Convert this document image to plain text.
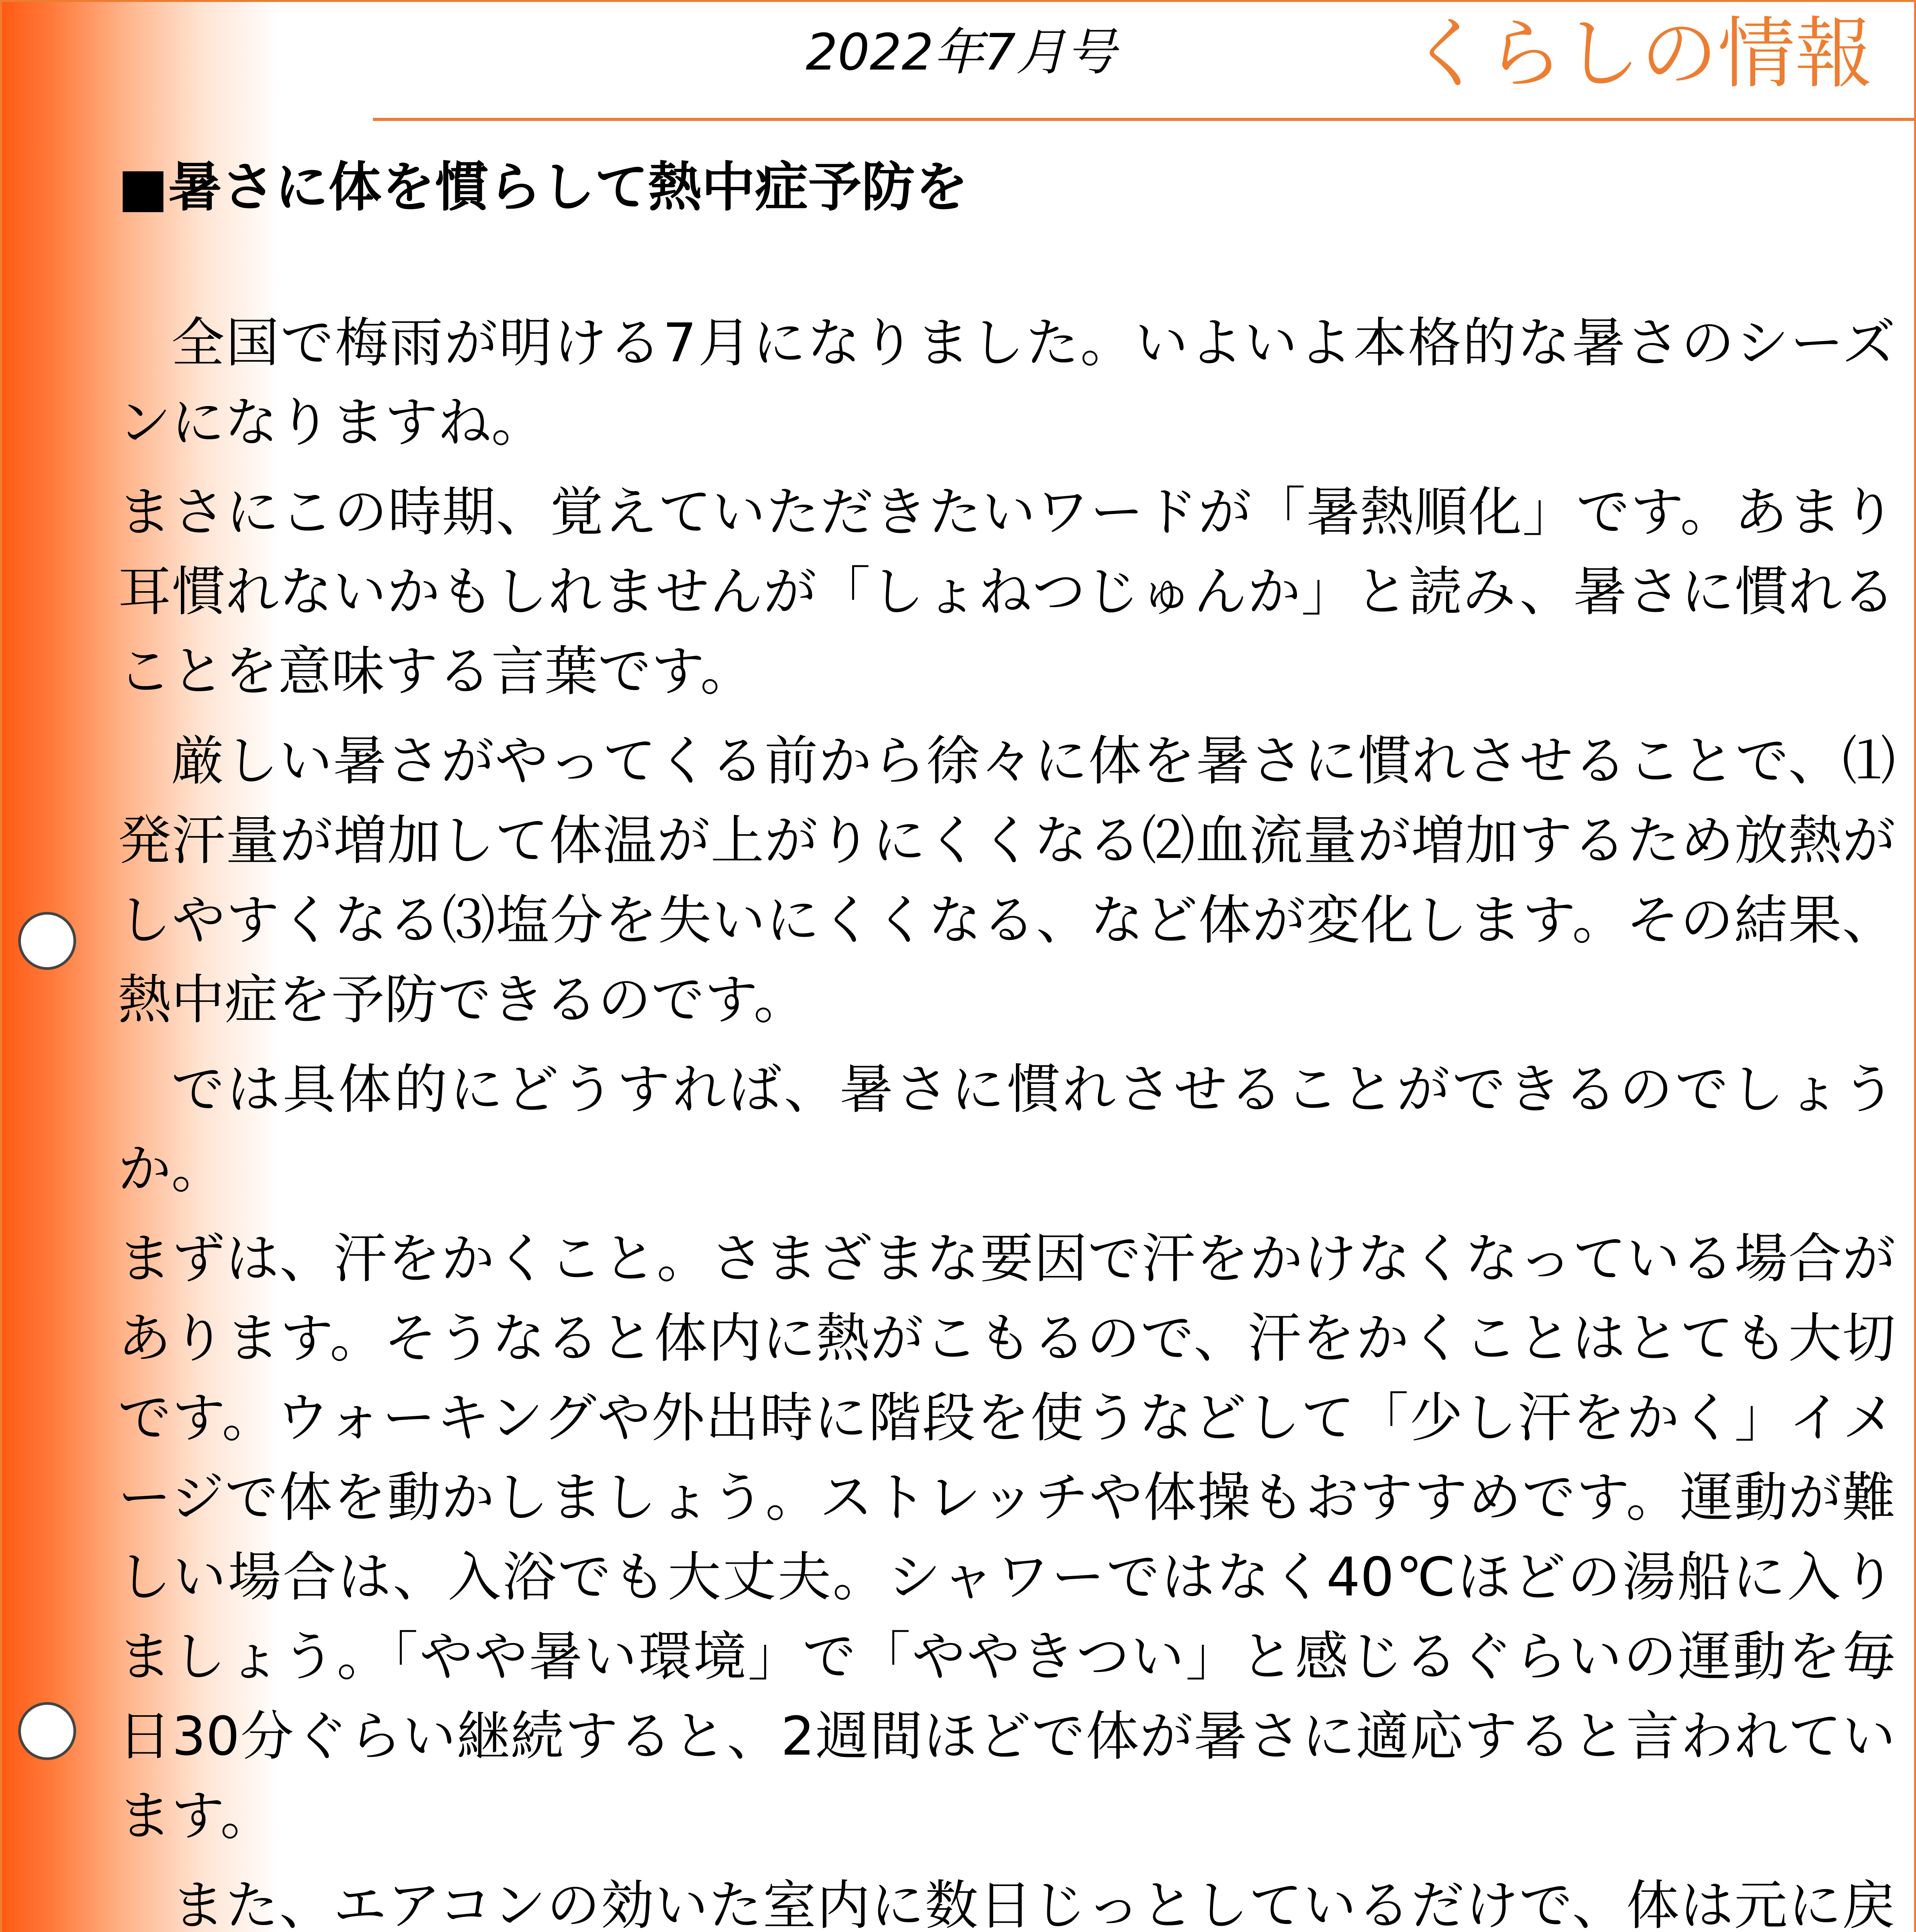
2022年7月号	くらしの情報
■暑さに体を慣らして熱中症予防を

全国で梅雨が明ける7月になりました。いよいよ本格的な暑さのシーズンになりますね。

まさにこの時期、覚えていただきたいワードが「暑熱順化」です。あまり耳慣れないかもしれませんが「しょねつじゅんか」と読み、暑さに慣れることを意味する言葉です。

厳しい暑さがやってくる前から徐々に体を暑さに慣れさせることで、⑴発汗量が増加して体温が上がりにくくなる⑵血流量が増加するため放熱がしやすくなる⑶塩分を失いにくくなる、など体が変化します。その結果、熱中症を予防できるのです。

では具体的にどうすれば、暑さに慣れさせることができるのでしょうか。

まずは、汗をかくこと。さまざまな要因で汗をかけなくなっている場合があります。そうなると体内に熱がこもるので、汗をかくことはとても大切です。ウォーキングや外出時に階段を使うなどして「少し汗をかく」イメージで体を動かしましょう。ストレッチや体操もおすすめです。運動が難しい場合は、入浴でも大丈夫。シャワーではなく40℃ほどの湯船に入りましょう。「やや暑い環境」で「ややきつい」と感じるぐらいの運動を毎日30分ぐらい継続すると、2週間ほどで体が暑さに適応すると言われています。

また、エアコンの効いた室内に数日じっとしているだけで、体は元に戻
